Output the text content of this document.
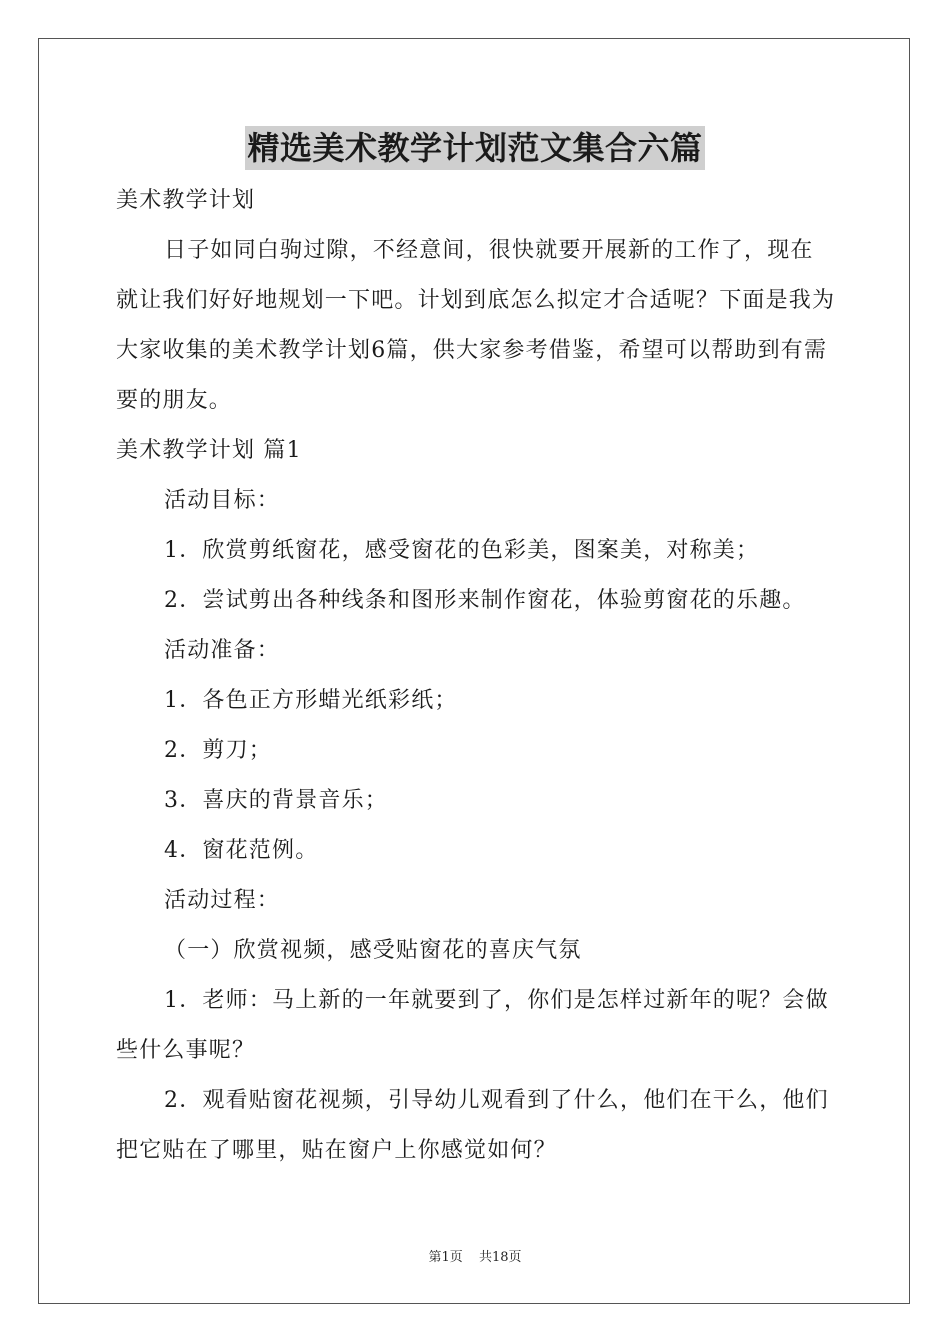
精选美术教学计划范文集合六篇

美术教学计划

日子如同白驹过隙，不经意间，很快就要开展新的工作了，现在就让我们好好地规划一下吧。计划到底怎么拟定才合适呢？下面是我为大家收集的美术教学计划6篇，供大家参考借鉴，希望可以帮助到有需要的朋友。

美术教学计划 篇1

活动目标：

1．欣赏剪纸窗花，感受窗花的色彩美，图案美，对称美；

2．尝试剪出各种线条和图形来制作窗花，体验剪窗花的乐趣。

活动准备：

1．各色正方形蜡光纸彩纸；

2．剪刀；

3．喜庆的背景音乐；

4．窗花范例。

活动过程：

（一）欣赏视频，感受贴窗花的喜庆气氛

1．老师：马上新的一年就要到了，你们是怎样过新年的呢？会做些什么事呢？

2．观看贴窗花视频，引导幼儿观看到了什么，他们在干么，他们把它贴在了哪里，贴在窗户上你感觉如何？

第1页 共18页
